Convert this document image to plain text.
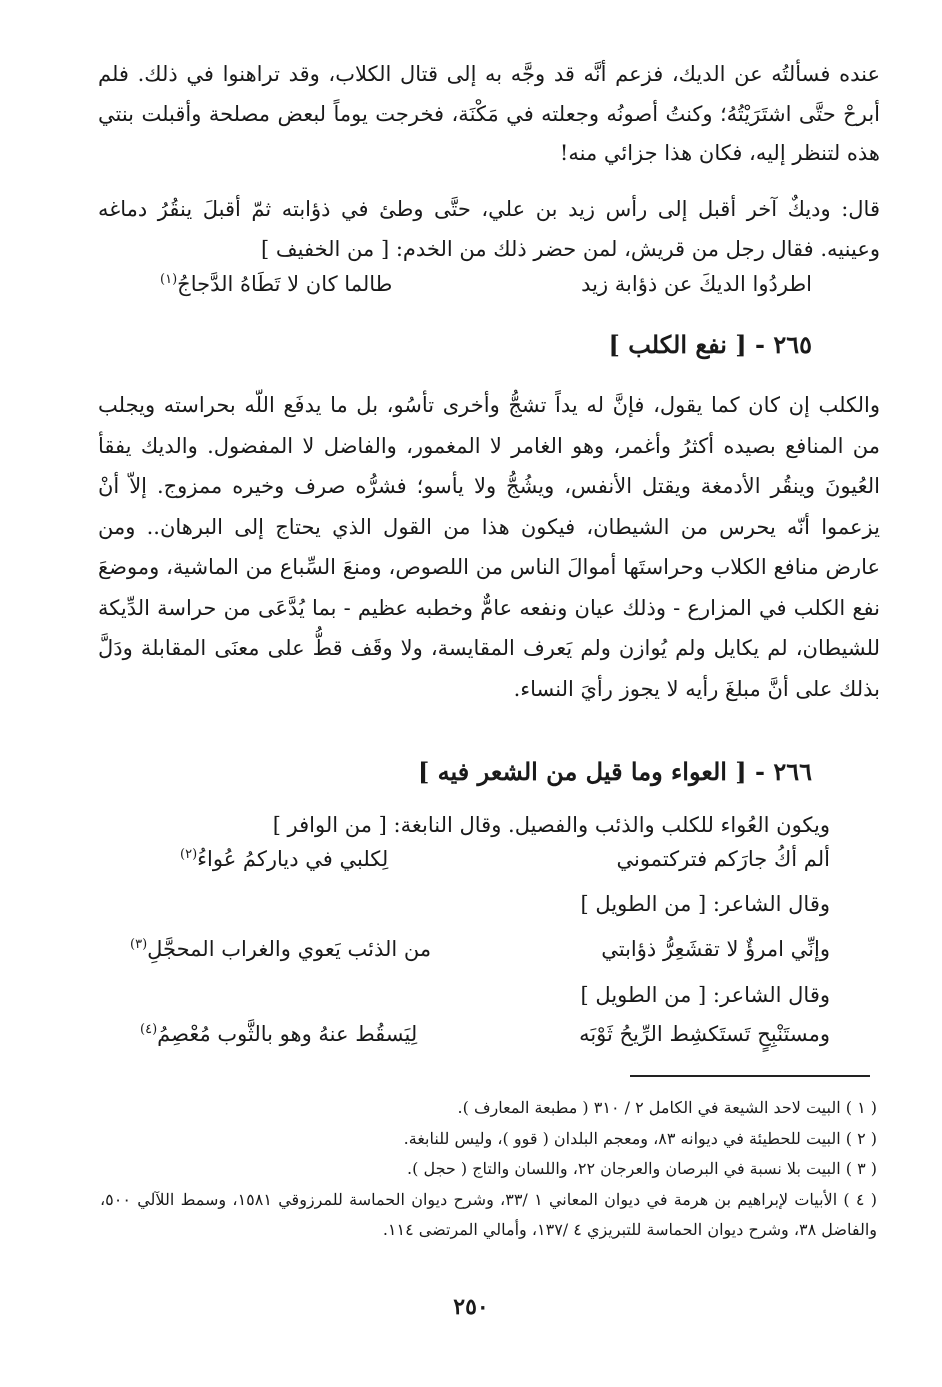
عنده فسألتُه عن الديك، فزعم أنَّه قد وجَّه به إلى قتال الكلاب، وقد تراهنوا في ذلك. فلم أبرحْ حتَّى اشتَرَيْتُهُ؛ وكنتُ أصونُه وجعلته في مَكْنَة، فخرجت يوماً لبعض مصلحة وأقبلت بنتي هذه لتنظر إليه، فكان هذا جزائي منه!
قال: وديكٌ آخر أقبل إلى رأس زيد بن علي، حتَّى وطئ في ذؤابته ثمّ أقبلَ ينقُرُ دماغه وعينيه. فقال رجل من قريش، لمن حضر ذلك من الخدم: [ من الخفيف ]
اطردُوا الديكَ عن ذؤابة زيد
طالما كان لا تَطَاهُ الدَّجاجُ$^{(١)}$
٢٦٥ - [ نفع الكلب ]
والكلب إن كان كما يقول، فإنَّ له يداً تشجُّ وأخرى تأسُو، بل ما يدفَع اللّه بحراسته ويجلب من المنافع بصيده أكثرُ وأغمر، وهو الغامر لا المغمور، والفاضل لا المفضول. والديك يفقأ العُيونَ وينقُر الأدمغة ويقتل الأنفس، ويشُجُّ ولا يأسو؛ فشرُّه صرف وخيره ممزوج. إلاّ أنْ يزعموا أنّه يحرس من الشيطان، فيكون هذا من القول الذي يحتاج إلى البرهان.. ومن عارض منافع الكلاب وحراستَها أموالَ الناس من اللصوص، ومنعَ السِّباع من الماشية، وموضعَ نفع الكلب في المزارع - وذلك عيان ونفعه عامٌّ وخطبه عظيم - بما يُدَّعَى من حراسة الدِّيكة للشيطان، لم يكايل ولم يُوازن ولم يَعرف المقايسة، ولا وقَف قطُّ على معنَى المقابلة ودَلَّ بذلك على أنَّ مبلغَ رأيه لا يجوز رأيَ النساء.
٢٦٦ - [ العواء وما قيل من الشعر فيه ]
ويكون العُواء للكلب والذئب والفصيل. وقال النابغة: [ من الوافر ]
ألم أكُ جارَكم فتركتموني
لِكلبي في دياركمُ عُواءُ$^{(٢)}$
وقال الشاعر: [ من الطويل ]
وإنِّي امرؤٌ لا تقشَعِرُّ ذؤابتي
من الذئب يَعوي والغراب المحجَّلِ$^{(٣)}$
وقال الشاعر: [ من الطويل ]
ومستَنْبِحٍ تَستَكشِط الرِّيحُ ثَوْبَه
لِيَسقُط عنهُ وهو بالثَّوب مُعْصِمُ$^{(٤)}$
( ١ ) البيت لاحد الشيعة في الكامل ٢ / ٣١٠ ( مطبعة المعارف ).
( ٢ ) البيت للحطيئة في ديوانه ٨٣، ومعجم البلدان ( قوو )، وليس للنابغة.
( ٣ ) البيت بلا نسبة في البرصان والعرجان ٢٢، واللسان والتاج ( حجل ).
( ٤ ) الأبيات لإبراهيم بن هرمة في ديوان المعاني ١ /٣٣، وشرح ديوان الحماسة للمرزوقي ١٥٨١، وسمط اللآلي ٥٠٠، والفاضل ٣٨، وشرح ديوان الحماسة للتبريزي ٤ /١٣٧، وأمالي المرتضى ١١٤.
٢٥٠
